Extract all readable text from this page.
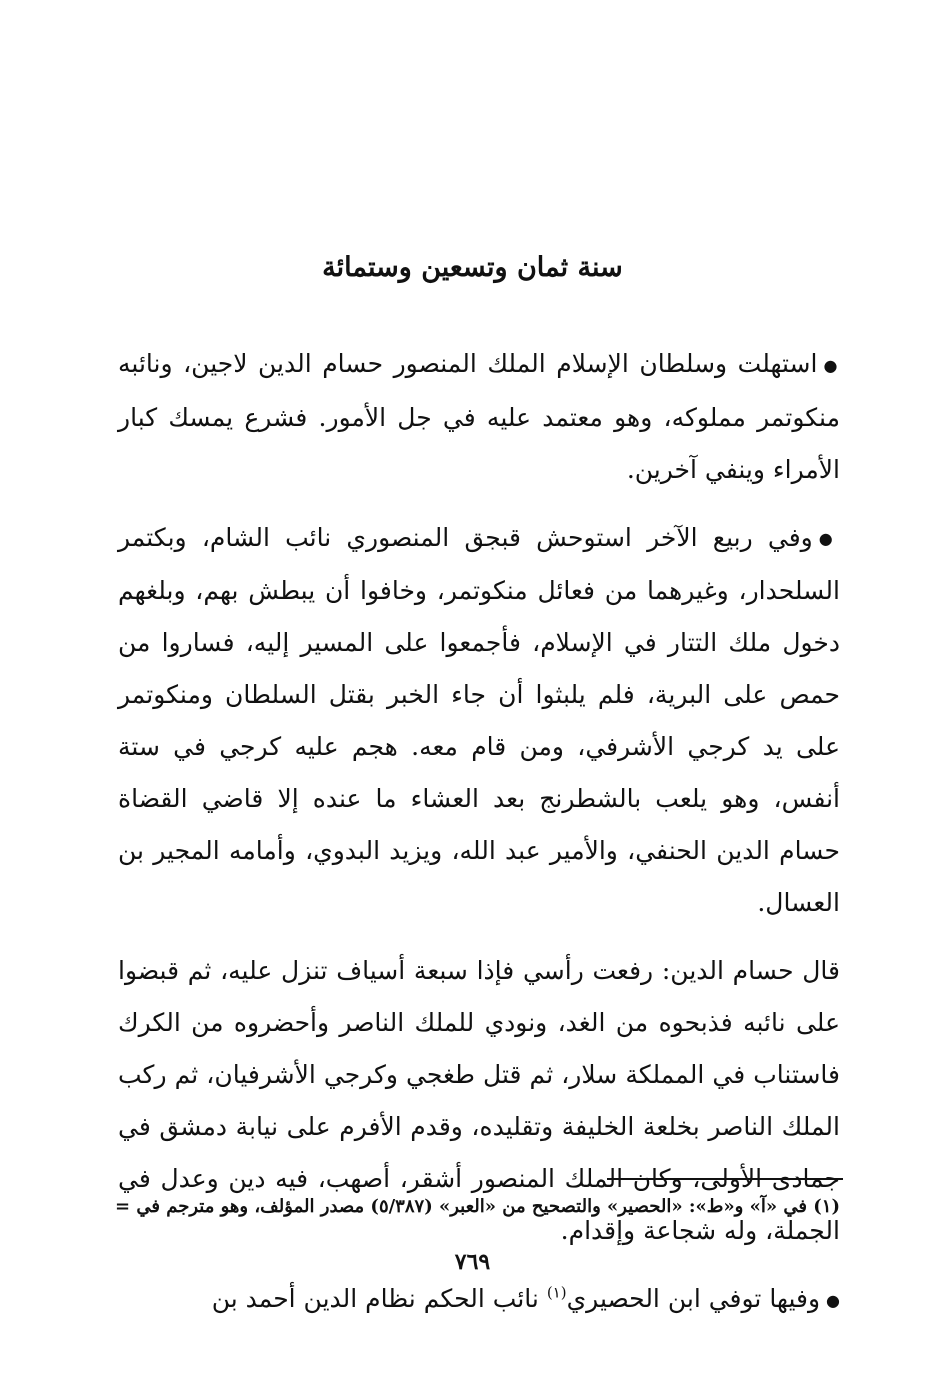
سنة ثمان وتسعين وستمائة

●استهلت وسلطان الإسلام الملك المنصور حسام الدين لاجين، ونائبه منكوتمر مملوكه، وهو معتمد عليه في جل الأمور. فشرع يمسك كبار الأمراء وينفي آخرين.

●وفي ربيع الآخر استوحش قبجق المنصوري نائب الشام، وبكتمر السلحدار، وغيرهما من فعائل منكوتمر، وخافوا أن يبطش بهم، وبلغهم دخول ملك التتار في الإسلام، فأجمعوا على المسير إليه، فساروا من حمص على البرية، فلم يلبثوا أن جاء الخبر بقتل السلطان ومنكوتمر على يد كرجي الأشرفي، ومن قام معه. هجم عليه كرجي في ستة أنفس، وهو يلعب بالشطرنج بعد العشاء ما عنده إلا قاضي القضاة حسام الدين الحنفي، والأمير عبد الله، ويزيد البدوي، وأمامه المجير بن العسال.

قال حسام الدين: رفعت رأسي فإذا سبعة أسياف تنزل عليه، ثم قبضوا على نائبه فذبحوه من الغد، ونودي للملك الناصر وأحضروه من الكرك فاستناب في المملكة سلار، ثم قتل طغجي وكرجي الأشرفيان، ثم ركب الملك الناصر بخلعة الخليفة وتقليده، وقدم الأفرم على نيابة دمشق في جمادى الأولى، وكان الملك المنصور أشقر، أصهب، فيه دين وعدل في الجملة، وله شجاعة وإقدام.

●وفيها توفي ابن الحصيري$^{(١)}$ نائب الحكم نظام الدين أحمد بن

(١) في «آ» و«ط»: «الحصير» والتصحيح من «العبر» (٥/٣٨٧) مصدر المؤلف، وهو مترجم في =
٧٦٩
